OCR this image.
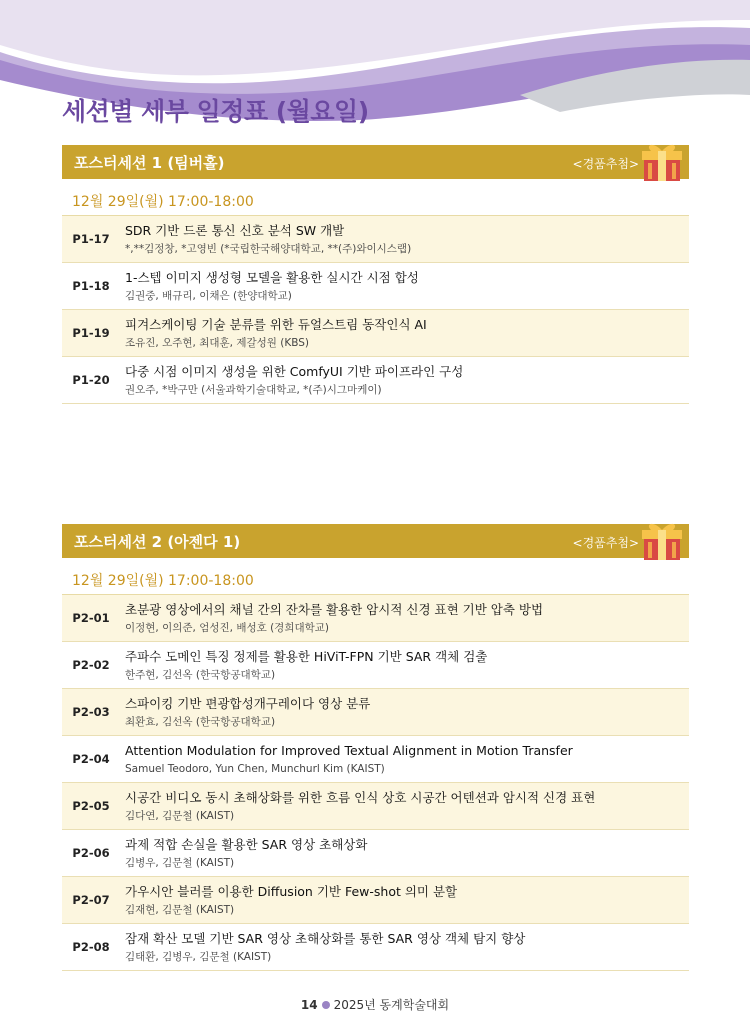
세션별 세부 일정표 (월요일)
포스터세션 1 (팀버홀)	<경품추첨>
12월 29일(월) 17:00-18:00
P1-17
SDR 기반 드론 통신 신호 분석 SW 개발
*,**김정창, *고영빈 (*국립한국해양대학교, **(주)와이시스랩)
P1-18
1-스텝 이미지 생성형 모델을 활용한 실시간 시점 합성
김권중, 배규리, 이채은 (한양대학교)
P1-19
피겨스케이팅 기술 분류를 위한 듀얼스트림 동작인식 AI
조유진, 오주현, 최대훈, 제갈성원 (KBS)
P1-20
다중 시점 이미지 생성을 위한 ComfyUI 기반 파이프라인 구성
권오주, *박구만 (서울과학기술대학교, *(주)시그마케이)
포스터세션 2 (아젠다 1)	<경품추첨>
12월 29일(월) 17:00-18:00
P2-01
초분광 영상에서의 채널 간의 잔차를 활용한 암시적 신경 표현 기반 압축 방법
이정현, 이의준, 엄성진, 배성호 (경희대학교)
P2-02
주파수 도메인 특징 정제를 활용한 HiViT-FPN 기반 SAR 객체 검출
한주현, 김선옥 (한국항공대학교)
P2-03
스파이킹 기반 편광합성개구레이다 영상 분류
최환효, 김선옥 (한국항공대학교)
P2-04
Attention Modulation for Improved Textual Alignment in Motion Transfer
Samuel Teodoro, Yun Chen, Munchurl Kim (KAIST)
P2-05
시공간 비디오 동시 초해상화를 위한 흐름 인식 상호 시공간 어텐션과 암시적 신경 표현
김다연, 김문철 (KAIST)
P2-06
과제 적합 손실을 활용한 SAR 영상 초해상화
김병우, 김문철 (KAIST)
P2-07
가우시안 블러를 이용한 Diffusion 기반 Few-shot 의미 분할
김재현, 김문철 (KAIST)
P2-08
잠재 확산 모델 기반 SAR 영상 초해상화를 통한 SAR 영상 객체 탐지 향상
김태환, 김병우, 김문철 (KAIST)
14 2025년 동계학술대회
